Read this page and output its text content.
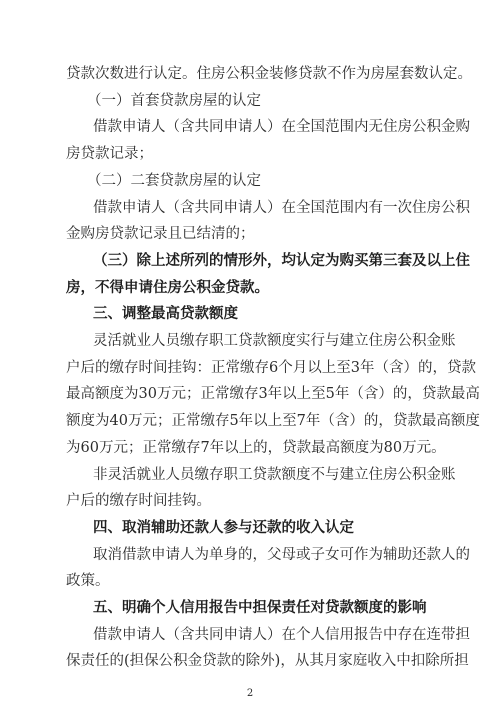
贷款次数进行认定。住房公积金装修贷款不作为房屋套数认定。
（一）首套贷款房屋的认定
借款申请人（含共同申请人）在全国范围内无住房公积金购
房贷款记录；
（二）二套贷款房屋的认定
借款申请人（含共同申请人）在全国范围内有一次住房公积
金购房贷款记录且已结清的；
（三）除上述所列的情形外，均认定为购买第三套及以上住
房，不得申请住房公积金贷款。
三、调整最高贷款额度
灵活就业人员缴存职工贷款额度实行与建立住房公积金账
户后的缴存时间挂钩：正常缴存6个月以上至3年（含）的，贷款
最高额度为30万元；正常缴存3年以上至5年（含）的，贷款最高
额度为40万元；正常缴存5年以上至7年（含）的，贷款最高额度
为60万元；正常缴存7年以上的，贷款最高额度为80万元。
非灵活就业人员缴存职工贷款额度不与建立住房公积金账
户后的缴存时间挂钩。
四、取消辅助还款人参与还款的收入认定
取消借款申请人为单身的，父母或子女可作为辅助还款人的
政策。
五、明确个人信用报告中担保责任对贷款额度的影响
借款申请人（含共同申请人）在个人信用报告中存在连带担
保责任的(担保公积金贷款的除外)，从其月家庭收入中扣除所担
2
